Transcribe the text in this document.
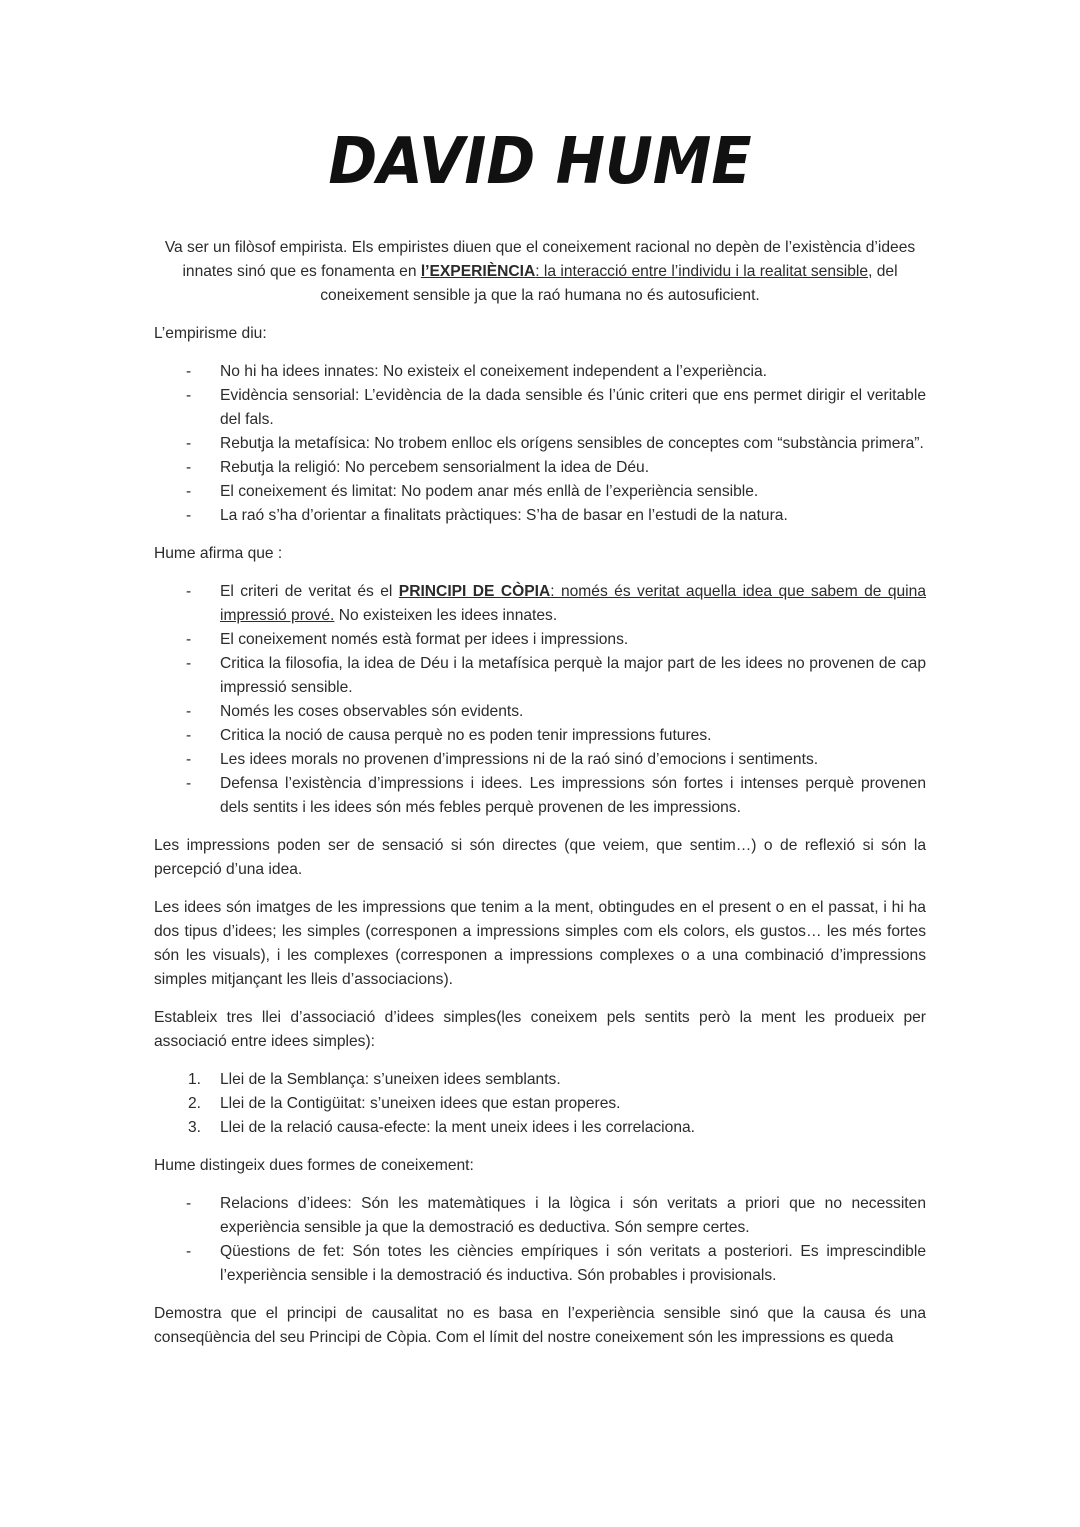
DAVID HUME

Va ser un filòsof empirista. Els empiristes diuen que el coneixement racional no depèn de l’existència d’idees innates sinó que es fonamenta en l’EXPERIÈNCIA: la interacció entre l’individu i la realitat sensible, del coneixement sensible ja que la raó humana no és autosuficient.

L’empirisme diu:

- No hi ha idees innates: No existeix el coneixement independent a l’experiència.
- Evidència sensorial: L’evidència de la dada sensible és l’únic criteri que ens permet dirigir el veritable del fals.
- Rebutja la metafísica: No trobem enlloc els orígens sensibles de conceptes com “substància primera”.
- Rebutja la religió: No percebem sensorialment la idea de Déu.
- El coneixement és limitat: No podem anar més enllà de l’experiència sensible.
- La raó s’ha d’orientar a finalitats pràctiques: S’ha de basar en l’estudi de la natura.

Hume afirma que :

- El criteri de veritat és el PRINCIPI DE CÒPIA: només és veritat aquella idea que sabem de quina impressió prové. No existeixen les idees innates.
- El coneixement només està format per idees i impressions.
- Critica la filosofia, la idea de Déu i la metafísica perquè la major part de les idees no provenen de cap impressió sensible.
- Només les coses observables són evidents.
- Critica la noció de causa perquè no es poden tenir impressions futures.
- Les idees morals no provenen d’impressions ni de la raó sinó d’emocions i sentiments.
- Defensa l’existència d’impressions i idees. Les impressions són fortes i intenses perquè provenen dels sentits i les idees són més febles perquè provenen de les impressions.

Les impressions poden ser de sensació si són directes (que veiem, que sentim…) o de reflexió si són la percepció d’una idea.

Les idees són imatges de les impressions que tenim a la ment, obtingudes en el present o en el passat, i hi ha dos tipus d’idees; les simples (corresponen a impressions simples com els colors, els gustos… les més fortes són les visuals), i les complexes (corresponen a impressions complexes o a una combinació d’impressions simples mitjançant les lleis d’associacions).

Estableix tres llei d’associació d’idees simples(les coneixem pels sentits però la ment les produeix per associació entre idees simples):

1. Llei de la Semblança: s’uneixen idees semblants.
2. Llei de la Contigüitat: s’uneixen idees que estan properes.
3. Llei de la relació causa-efecte: la ment uneix idees i les correlaciona.

Hume distingeix dues formes de coneixement:

- Relacions d’idees: Són les matemàtiques i la lògica i són veritats a priori que no necessiten experiència sensible ja que la demostració es deductiva. Són sempre certes.
- Qüestions de fet: Són totes les ciències empíriques i són veritats a posteriori. Es imprescindible l’experiència sensible i la demostració és inductiva. Són probables i provisionals.

Demostra que el principi de causalitat no es basa en l’experiència sensible sinó que la causa és una conseqüència del seu Principi de Còpia. Com el límit del nostre coneixement són les impressions es queda
